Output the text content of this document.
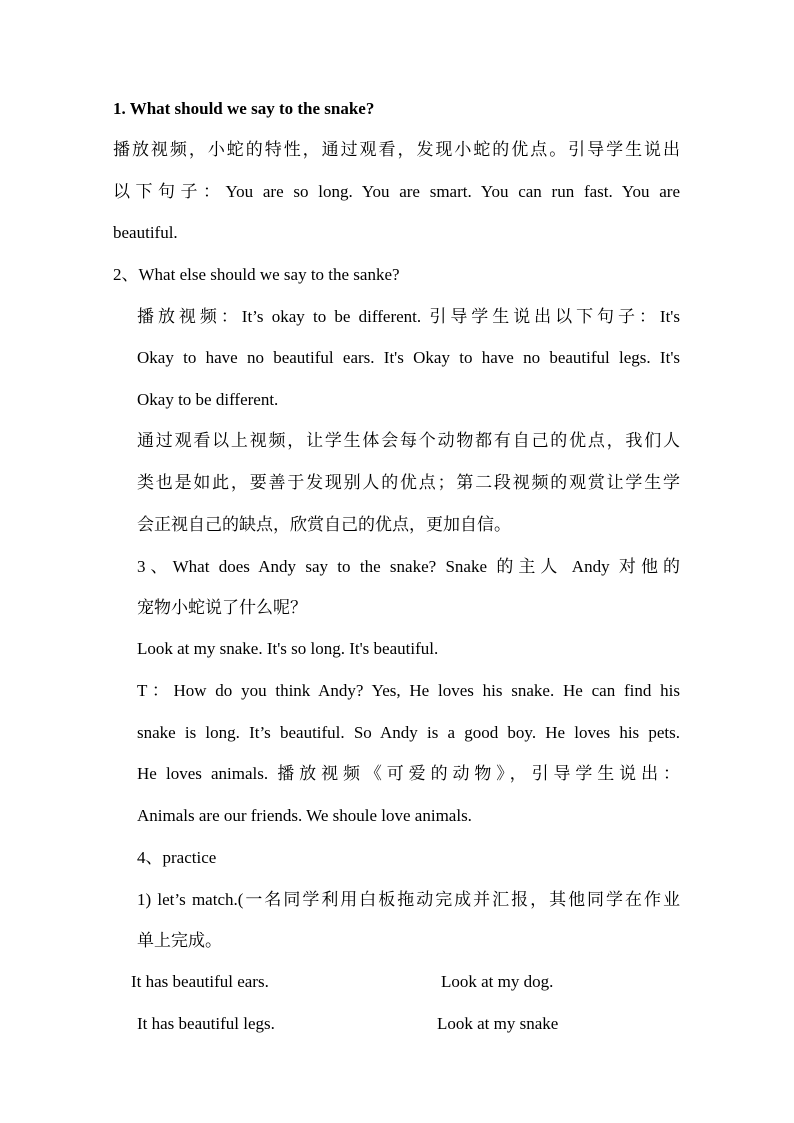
1. What should we say to the snake?
播放视频，小蛇的特性，通过观看，发现小蛇的优点。引导学生说出
以下句子：You are so long. You are smart. You can run fast. You are
beautiful.
2、What else should we say to the sanke?
播放视频：It’s okay to be different. 引导学生说出以下句子：It's
Okay to have no beautiful ears. It's Okay to have no beautiful legs. It's
Okay to be different.
通过观看以上视频，让学生体会每个动物都有自己的优点，我们人
类也是如此，要善于发现别人的优点；第二段视频的观赏让学生学
会正视自己的缺点，欣赏自己的优点，更加自信。
3、What does Andy say to the snake? Snake 的主人 Andy 对他的
宠物小蛇说了什么呢？
Look at my snake. It's so long. It's beautiful.
T：How do you think Andy? Yes, He loves his snake. He can find his
snake is long. It’s beautiful. So Andy is a good boy. He loves his pets.
He loves animals. 播放视频《可爱的动物》，引导学生说出：
Animals are our friends. We shoule love animals.
4、practice
1) let’s match.(一名同学利用白板拖动完成并汇报，其他同学在作业
单上完成。
It has beautiful ears.	Look at my dog.
It has beautiful legs.	Look at my snake
